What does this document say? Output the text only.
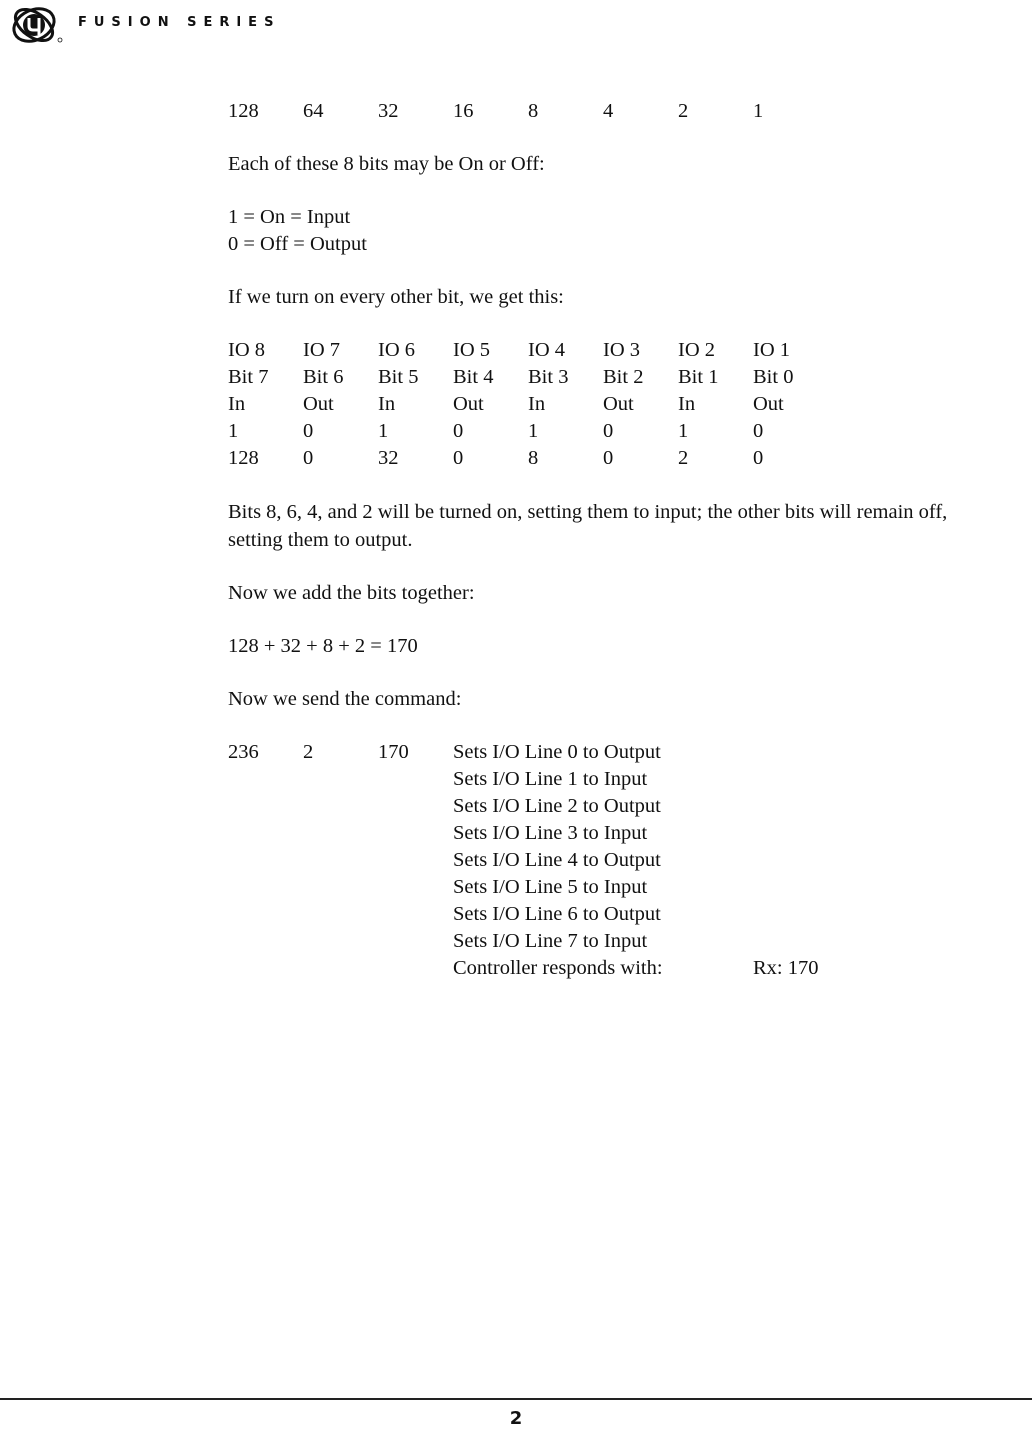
FUSION SERIES
128	64	32	16	8	4	2	1
Each of these 8 bits may be On or Off:
1 = On = Input
0 = Off = Output
If we turn on every other bit, we get this:
IO 8	IO 7	IO 6	IO 5	IO 4	IO 3	IO 2	IO 1
Bit 7	Bit 6	Bit 5	Bit 4	Bit 3	Bit 2	Bit 1	Bit 0
In	Out	In	Out	In	Out	In	Out
1	0	1	0	1	0	1	0
128	0	32	0	8	0	2	0
Bits 8, 6, 4, and 2 will be turned on, setting them to input; the other bits will remain off, setting them to output.
Now we add the bits together:
128 + 32 + 8 + 2 = 170
Now we send the command:
236	2	170	Sets I/O Line 0 to Output
Sets I/O Line 1 to Input
Sets I/O Line 2 to Output
Sets I/O Line 3 to Input
Sets I/O Line 4 to Output
Sets I/O Line 5 to Input
Sets I/O Line 6 to Output
Sets I/O Line 7 to Input
Controller responds with:	Rx: 170
2
